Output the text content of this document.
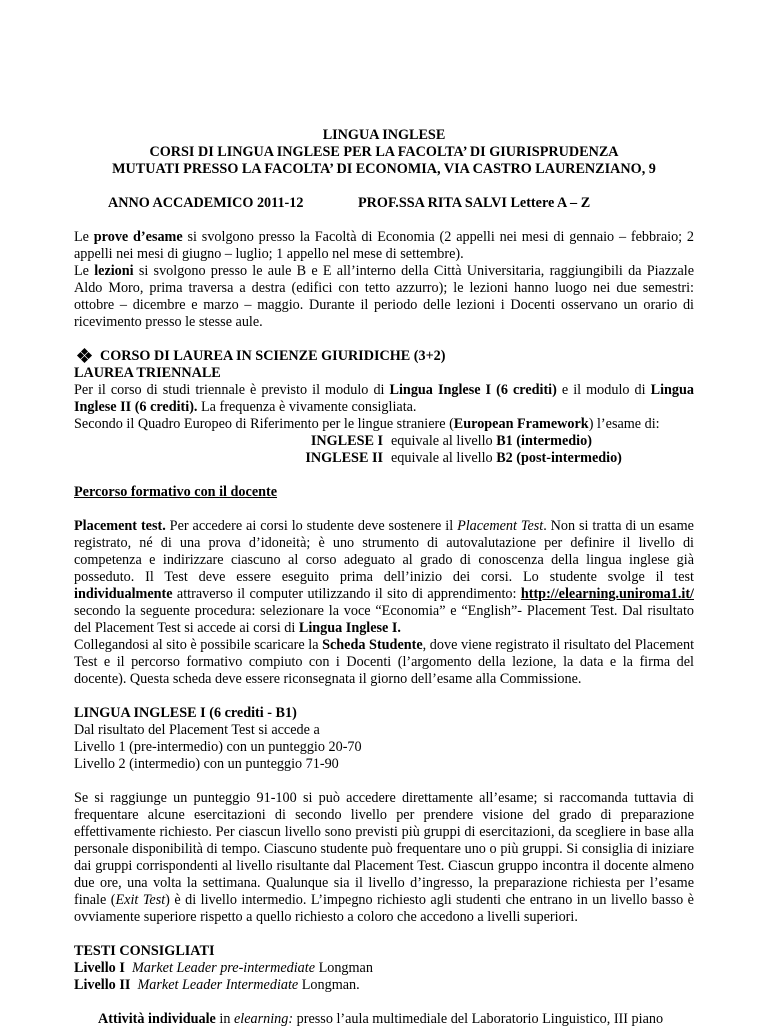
LINGUA INGLESE

CORSI DI LINGUA INGLESE PER LA FACOLTA’ DI GIURISPRUDENZA

MUTUATI PRESSO LA FACOLTA’ DI ECONOMIA, VIA CASTRO LAURENZIANO, 9

ANNO ACCADEMICO 2011-12	PROF.SSA RITA SALVI Lettere A – Z

Le prove d’esame si svolgono presso la Facoltà di Economia (2 appelli nei mesi di gennaio – febbraio; 2 appelli nei mesi di giugno – luglio; 1 appello nel mese di settembre).

Le lezioni si svolgono presso le aule B e E all’interno della Città Universitaria, raggiungibili da Piazzale Aldo Moro, prima traversa a destra (edifici con tetto azzurro); le lezioni hanno luogo nei due semestri: ottobre – dicembre e marzo – maggio. Durante il periodo delle lezioni i Docenti osservano un orario di ricevimento presso le stesse aule.

CORSO DI LAUREA IN SCIENZE GIURIDICHE (3+2)

LAUREA TRIENNALE

Per il corso di studi triennale è previsto il modulo di Lingua Inglese I (6 crediti) e il modulo di Lingua Inglese II (6 crediti). La frequenza è vivamente consigliata.

Secondo il Quadro Europeo di Riferimento per le lingue straniere (European Framework) l’esame di:

INGLESE I equivale al livello B1 (intermedio)
INGLESE II equivale al livello B2 (post-intermedio)

Percorso formativo con il docente

Placement test. Per accedere ai corsi lo studente deve sostenere il Placement Test. Non si tratta di un esame registrato, né di una prova d’idoneità; è uno strumento di autovalutazione per definire il livello di competenza e indirizzare ciascuno al corso adeguato al grado di conoscenza della lingua inglese già posseduto. Il Test deve essere eseguito prima dell’inizio dei corsi. Lo studente svolge il test individualmente attraverso il computer utilizzando il sito di apprendimento: http://elearning.uniroma1.it/ secondo la seguente procedura: selezionare la voce “Economia” e “English”- Placement Test. Dal risultato del Placement Test si accede ai corsi di Lingua Inglese I.

Collegandosi al sito è possibile scaricare la Scheda Studente, dove viene registrato il risultato del Placement Test e il percorso formativo compiuto con i Docenti (l’argomento della lezione, la data e la firma del docente). Questa scheda deve essere riconsegnata il giorno dell’esame alla Commissione.

LINGUA INGLESE I (6 crediti - B1)

Dal risultato del Placement Test si accede a

Livello 1 (pre-intermedio) con un punteggio 20-70

Livello 2 (intermedio) con un punteggio 71-90

Se si raggiunge un punteggio 91-100 si può accedere direttamente all’esame; si raccomanda tuttavia di frequentare alcune esercitazioni di secondo livello per prendere visione del grado di preparazione effettivamente richiesto. Per ciascun livello sono previsti più gruppi di esercitazioni, da scegliere in base alla personale disponibilità di tempo. Ciascuno studente può frequentare uno o più gruppi. Si consiglia di iniziare dai gruppi corrispondenti al livello risultante dal Placement Test. Ciascun gruppo incontra il docente almeno due ore, una volta la settimana. Qualunque sia il livello d’ingresso, la preparazione richiesta per l’esame finale (Exit Test) è di livello intermedio. L’impegno richiesto agli studenti che entrano in un livello basso è ovviamente superiore rispetto a quello richiesto a coloro che accedono a livelli superiori.

TESTI CONSIGLIATI

Livello I Market Leader pre-intermediate Longman

Livello II Market Leader Intermediate Longman.

Attività individuale in elearning: presso l’aula multimediale del Laboratorio Linguistico, III piano
